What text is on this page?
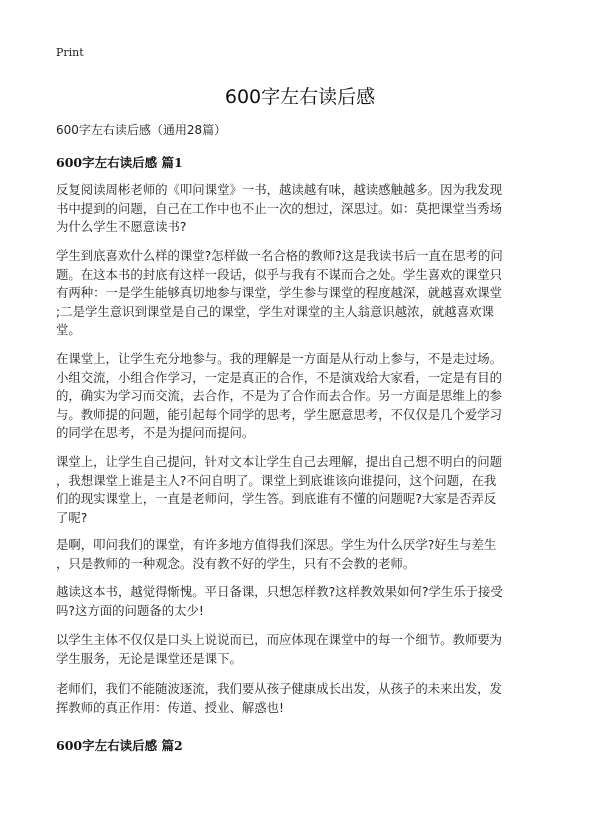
Print
600字左右读后感

600字左右读后感（通用28篇）

600字左右读后感 篇1
反复阅读周彬老师的《叩问课堂》一书，越读越有味，越读感触越多。因为我发现
书中提到的问题，自己在工作中也不止一次的想过，深思过。如：莫把课堂当秀场
为什么学生不愿意读书?
学生到底喜欢什么样的课堂?怎样做一名合格的教师?这是我读书后一直在思考的问
题。在这本书的封底有这样一段话，似乎与我有不谋而合之处。学生喜欢的课堂只
有两种：一是学生能够真切地参与课堂，学生参与课堂的程度越深，就越喜欢课堂
;二是学生意识到课堂是自己的课堂，学生对课堂的主人翁意识越浓，就越喜欢课
堂。
在课堂上，让学生充分地参与。我的理解是一方面是从行动上参与，不是走过场。
小组交流，小组合作学习，一定是真正的合作，不是演戏给大家看，一定是有目的
的，确实为学习而交流，去合作，不是为了合作而去合作。另一方面是思维上的参
与。教师提的问题，能引起每个同学的思考，学生愿意思考，不仅仅是几个爱学习
的同学在思考，不是为提问而提问。
课堂上，让学生自己提问，针对文本让学生自己去理解，提出自己想不明白的问题
，我想课堂上谁是主人?不问自明了。课堂上到底谁该向谁提问，这个问题，在我
们的现实课堂上，一直是老师问，学生答。到底谁有不懂的问题呢?大家是否弄反
了呢?
是啊，叩问我们的课堂，有许多地方值得我们深思。学生为什么厌学?好生与差生
，只是教师的一种观念。没有教不好的学生，只有不会教的老师。
越读这本书，越觉得惭愧。平日备课，只想怎样教?这样教效果如何?学生乐于接受
吗?这方面的问题备的太少!
以学生主体不仅仅是口头上说说而已，而应体现在课堂中的每一个细节。教师要为
学生服务，无论是课堂还是课下。
老师们，我们不能随波逐流，我们要从孩子健康成长出发，从孩子的未来出发，发
挥教师的真正作用：传道、授业、解惑也!
600字左右读后感 篇2
